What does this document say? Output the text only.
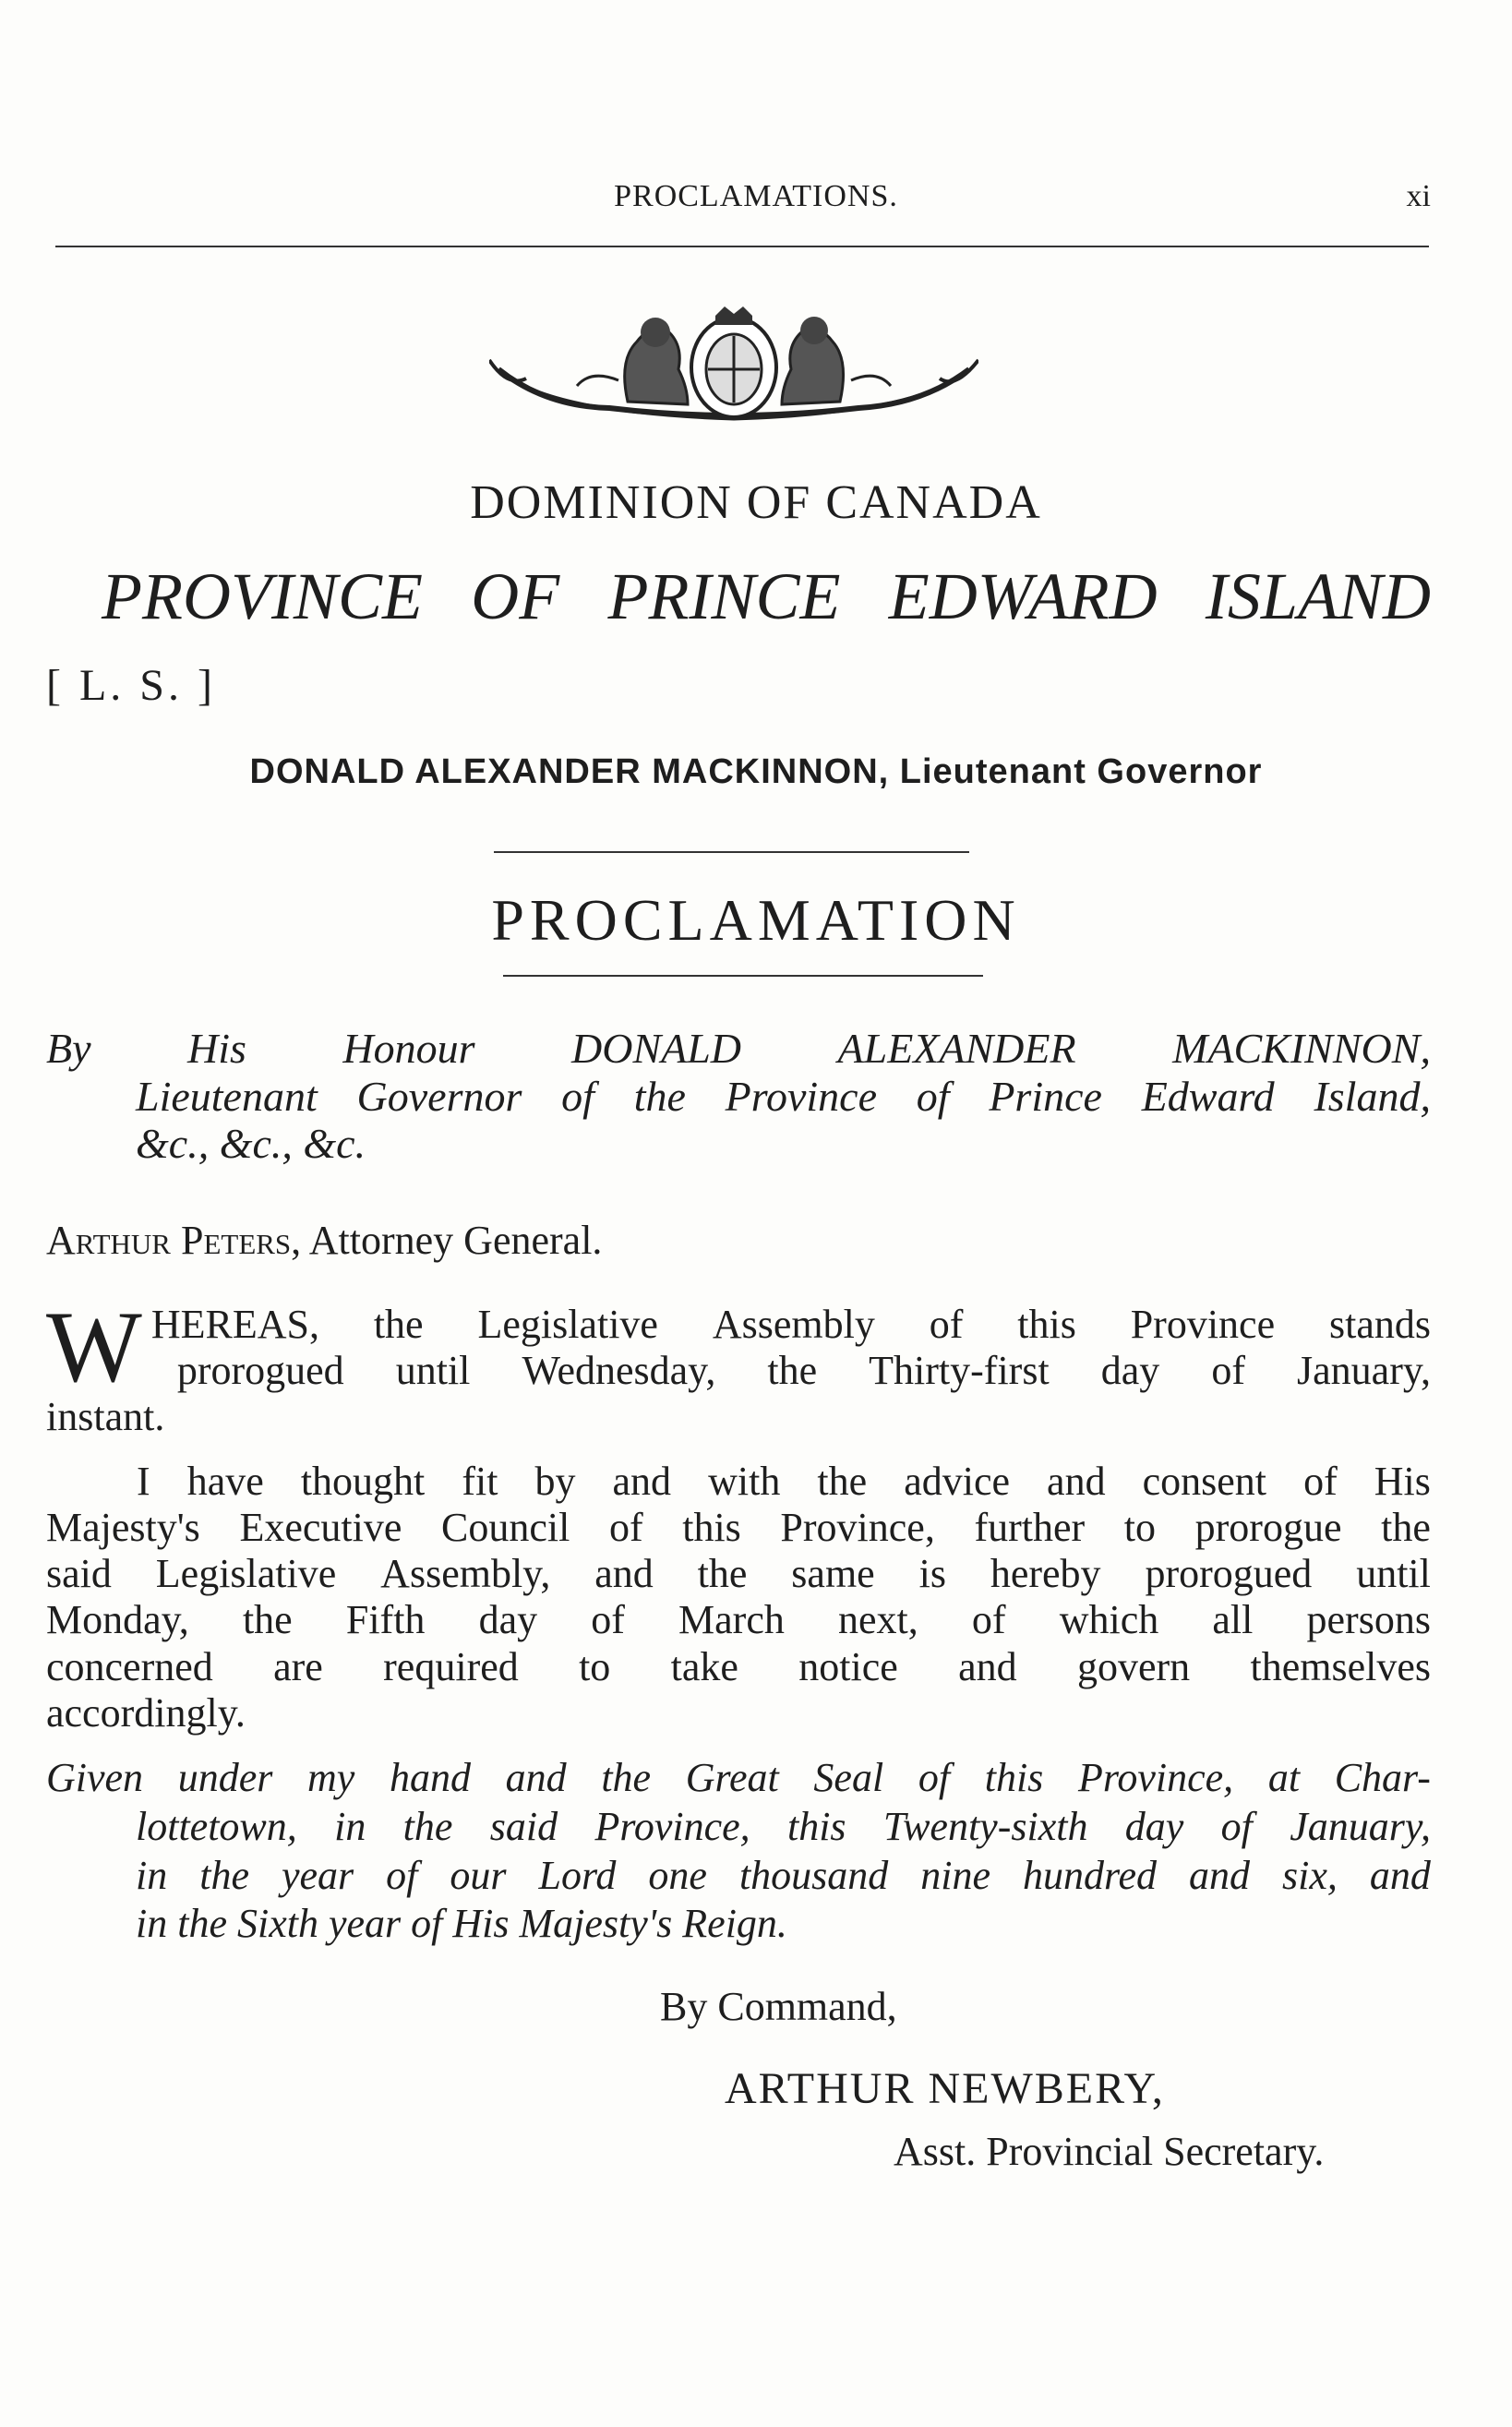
PROCLAMATIONS.	xi
DOMINION OF CANADA
PROVINCE OF PRINCE EDWARD ISLAND
[ L. S. ]
DONALD ALEXANDER MACKINNON, Lieutenant Governor
PROCLAMATION
By His Honour DONALD ALEXANDER MACKINNON,
Lieutenant Governor of the Province of Prince Edward Island,
&c., &c., &c.
Arthur Peters, Attorney General.
W HEREAS, the Legislative Assembly of this Province stands
prorogued until Wednesday, the Thirty-first day of January,
instant.
I have thought fit by and with the advice and consent of His
Majesty's Executive Council of this Province, further to prorogue the
said Legislative Assembly, and the same is hereby prorogued until
Monday, the Fifth day of March next, of which all persons
concerned are required to take notice and govern themselves
accordingly.
Given under my hand and the Great Seal of this Province, at Char-
lottetown, in the said Province, this Twenty-sixth day of January,
in the year of our Lord one thousand nine hundred and six, and
in the Sixth year of His Majesty's Reign.
By Command,
ARTHUR NEWBERY,
Asst. Provincial Secretary.
